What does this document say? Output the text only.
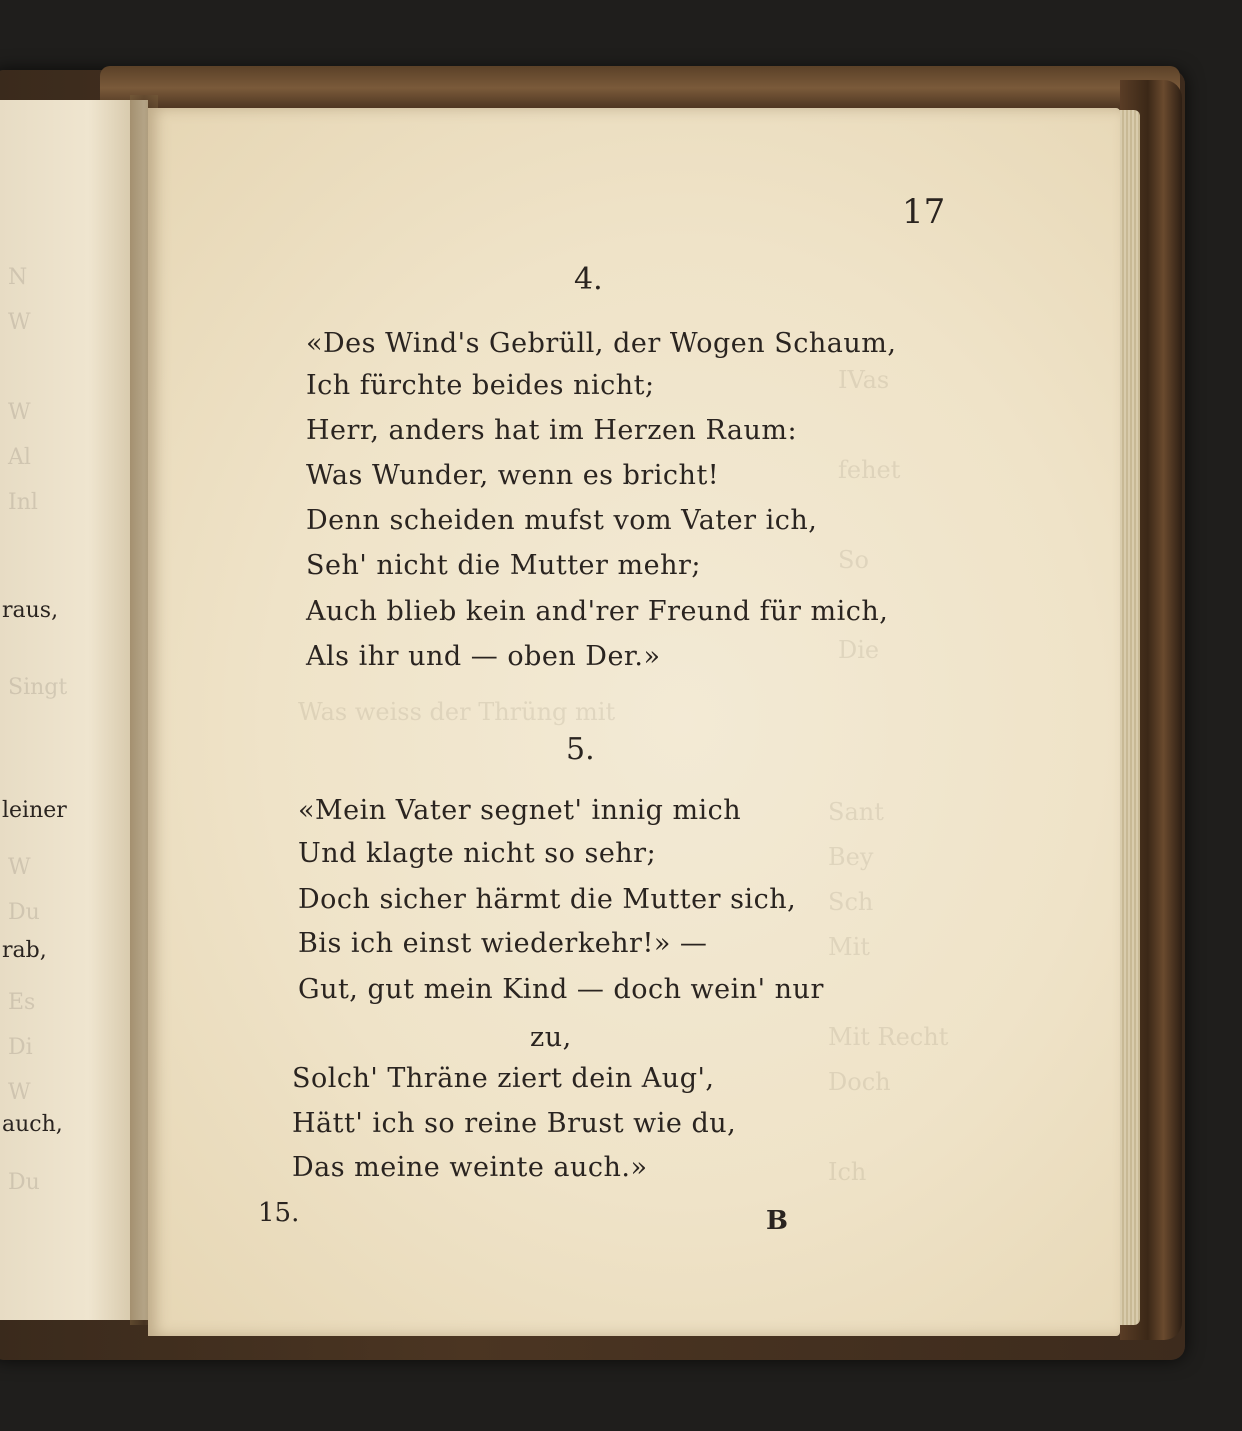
N
W
W
Al
Inl
Singt
W
Du
Es
Di
W
Du
raus,
leiner
rab,
auch,
IVas
fehet
So
Die
Was weiss der Thrüng mit
Sant
Bey
Sch
Mit
Mit Recht
Doch
Ich
17
4.
«Des Wind's Gebrüll, der Wogen Schaum,
Ich fürchte beides nicht;
Herr, anders hat im Herzen Raum:
Was Wunder, wenn es bricht!
Denn scheiden mufst vom Vater ich,
Seh' nicht die Mutter mehr;
Auch blieb kein and'rer Freund für mich,
Als ihr und — oben Der.»
5.
«Mein Vater segnet' innig mich
Und klagte nicht so sehr;
Doch sicher härmt die Mutter sich,
Bis ich einst wiederkehr!» —
Gut, gut mein Kind — doch wein' nur
zu,
Solch' Thräne ziert dein Aug',
Hätt' ich so reine Brust wie du,
Das meine weinte auch.»
15.	B
